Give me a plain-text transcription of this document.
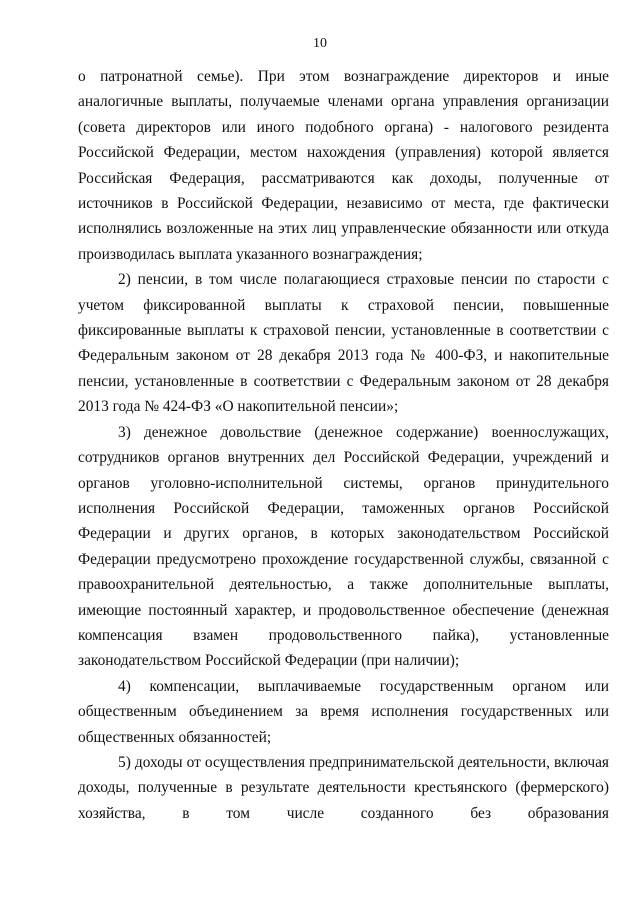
10

о патронатной семье). При этом вознаграждение директоров и иные аналогичные выплаты, получаемые членами органа управления организации (совета директоров или иного подобного органа) - налогового резидента Российской Федерации, местом нахождения (управления) которой является Российская Федерация, рассматриваются как доходы, полученные от источников в Российской Федерации, независимо от места, где фактически исполнялись возложенные на этих лиц управленческие обязанности или откуда производилась выплата указанного вознаграждения;

2) пенсии, в том числе полагающиеся страховые пенсии по старости с учетом фиксированной выплаты к страховой пенсии, повышенные фиксированные выплаты к страховой пенсии, установленные в соответствии с Федеральным законом от 28 декабря 2013 года № 400-ФЗ, и накопительные пенсии, установленные в соответствии с Федеральным законом от 28 декабря 2013 года № 424-ФЗ «О накопительной пенсии»;

3) денежное довольствие (денежное содержание) военнослужащих, сотрудников органов внутренних дел Российской Федерации, учреждений и органов уголовно-исполнительной системы, органов принудительного исполнения Российской Федерации, таможенных органов Российской Федерации и других органов, в которых законодательством Российской Федерации предусмотрено прохождение государственной службы, связанной с правоохранительной деятельностью, а также дополнительные выплаты, имеющие постоянный характер, и продовольственное обеспечение (денежная компенсация взамен продовольственного пайка), установленные законодательством Российской Федерации (при наличии);

4) компенсации, выплачиваемые государственным органом или общественным объединением за время исполнения государственных или общественных обязанностей;

5) доходы от осуществления предпринимательской деятельности, включая доходы, полученные в результате деятельности крестьянского (фермерского) хозяйства, в том числе созданного без образования
